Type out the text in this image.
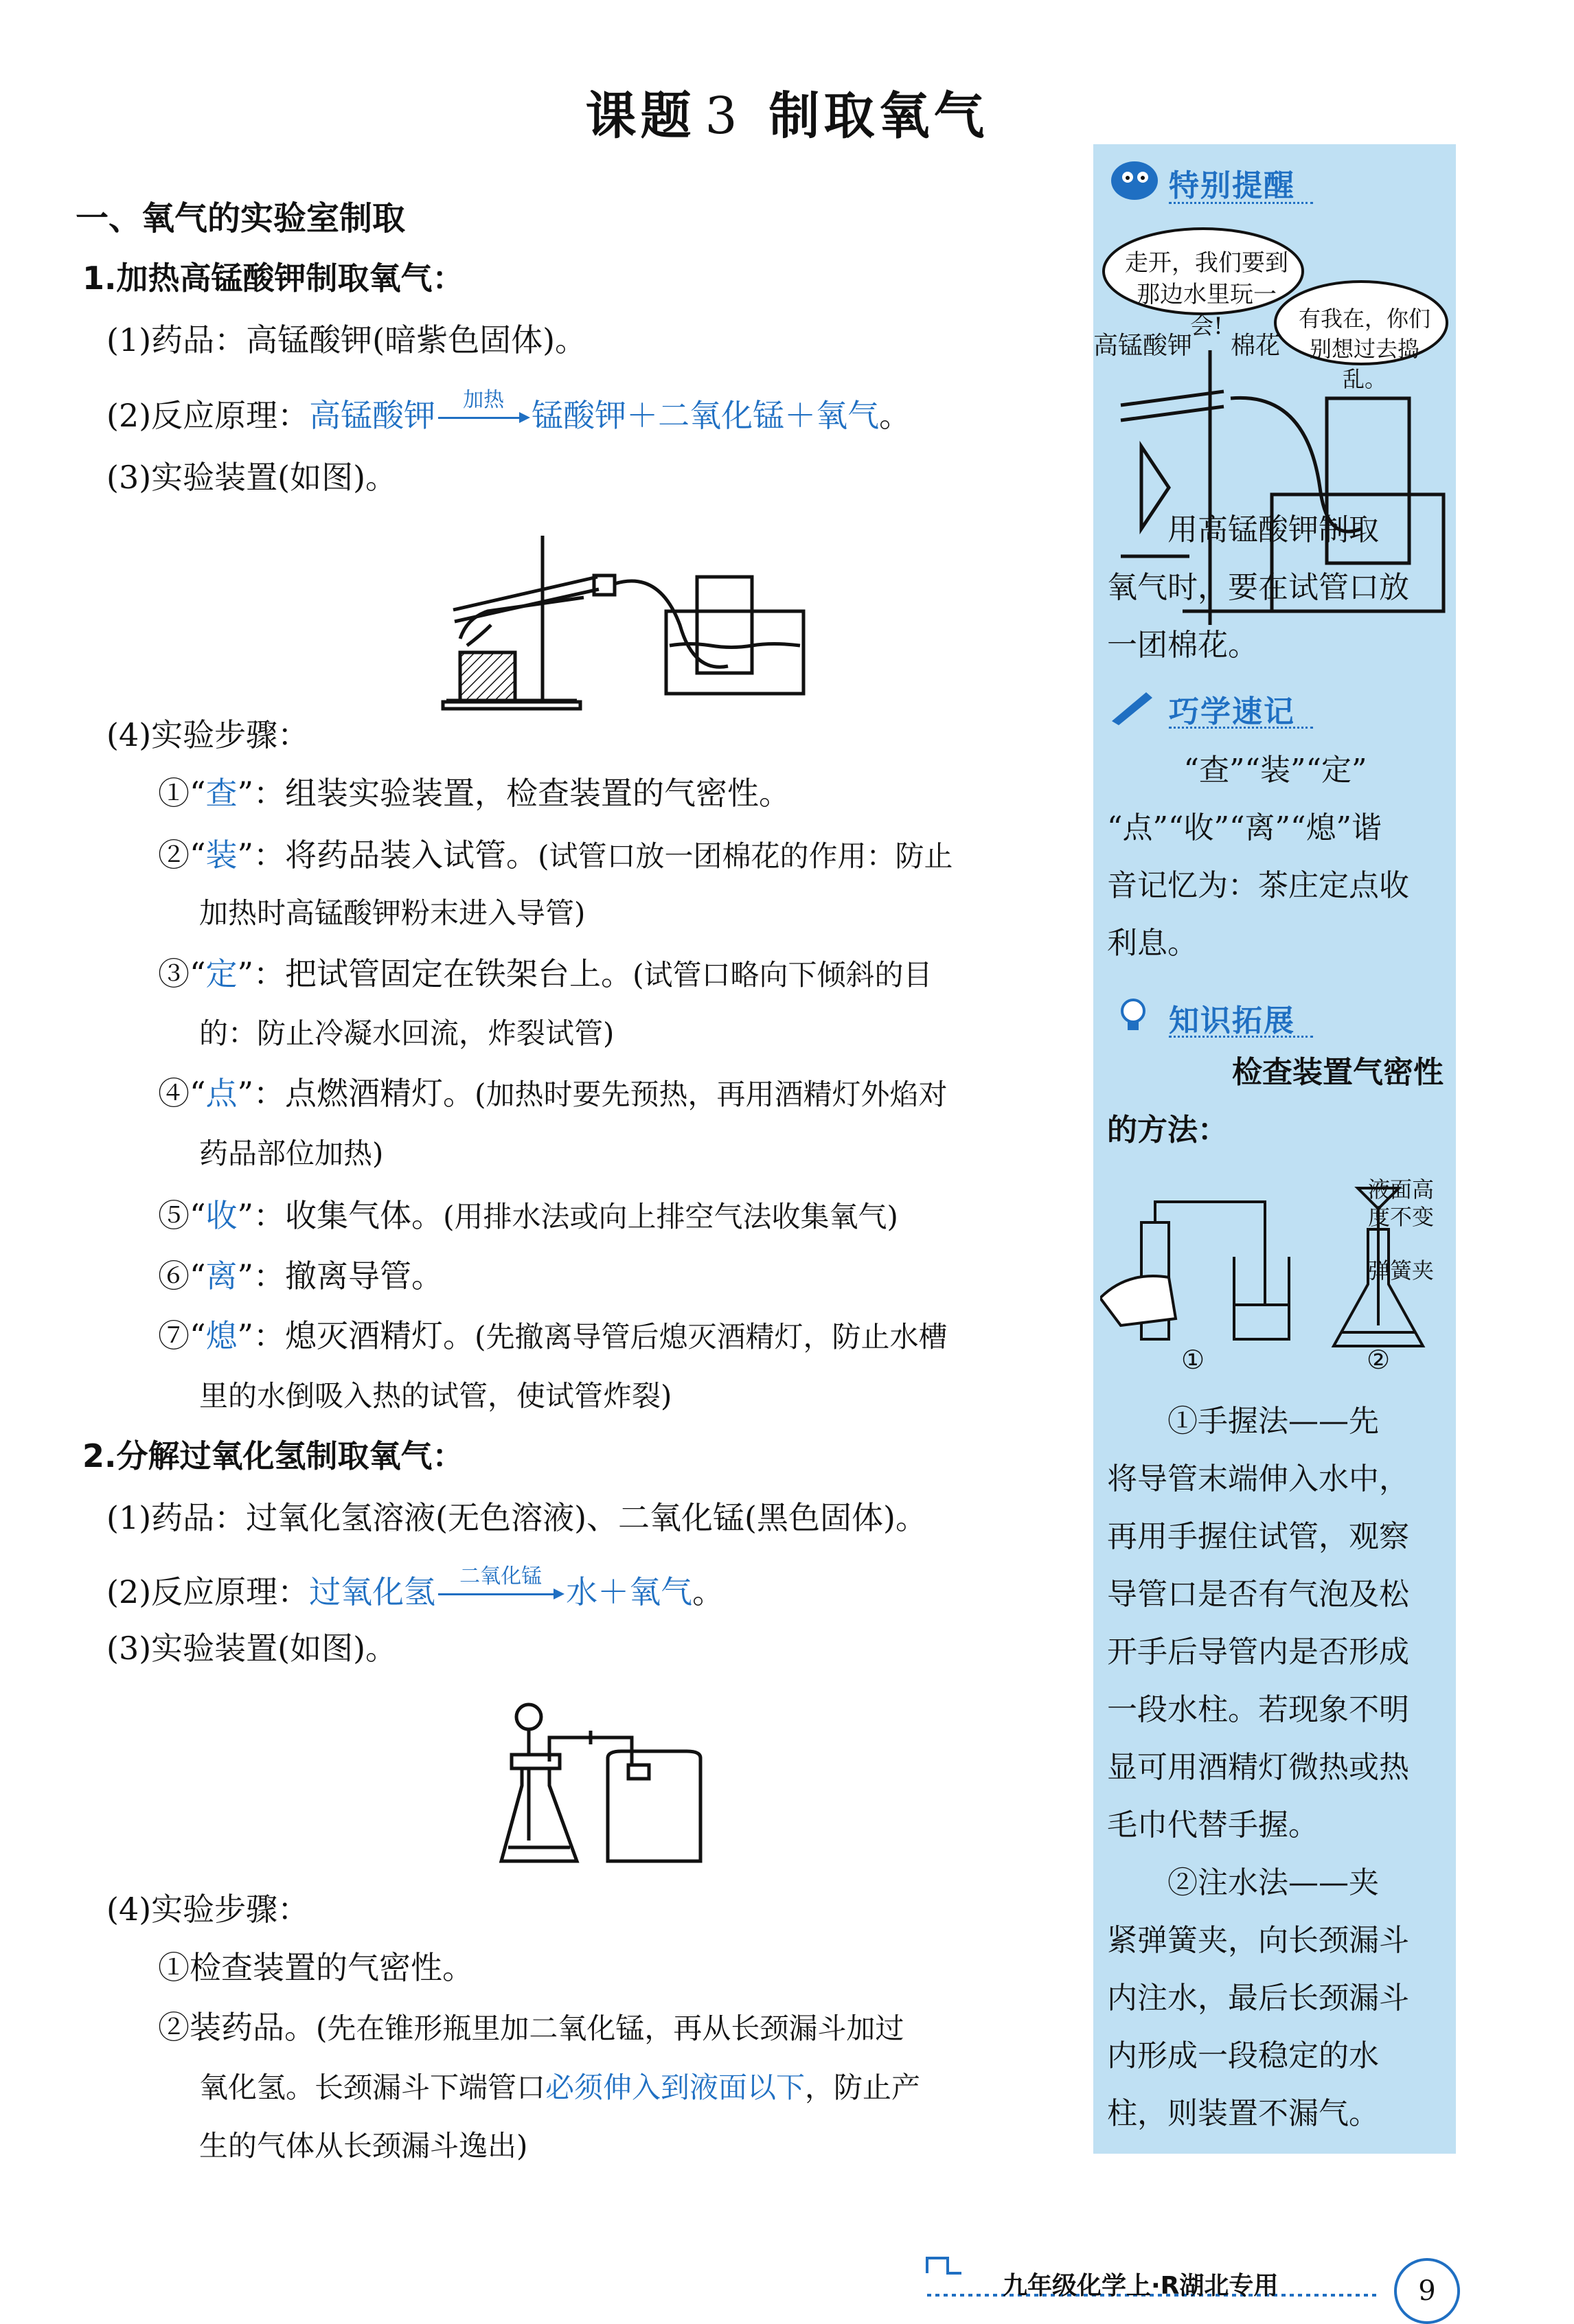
课题 3 制取氧气
一、氧气的实验室制取
1.加热高锰酸钾制取氧气：
(1)药品：高锰酸钾(暗紫色固体)。
(2)反应原理：高锰酸钾	加热 锰酸钾＋二氧化锰＋氧气。
(3)实验装置(如图)。
(4)实验步骤：
①“查”：组装实验装置，检查装置的气密性。
②“装”：将药品装入试管。(试管口放一团棉花的作用：防止
加热时高锰酸钾粉末进入导管)
③“定”：把试管固定在铁架台上。(试管口略向下倾斜的目
的：防止冷凝水回流，炸裂试管)
④“点”：点燃酒精灯。(加热时要先预热，再用酒精灯外焰对
药品部位加热)
⑤“收”：收集气体。(用排水法或向上排空气法收集氧气)
⑥“离”：撤离导管。
⑦“熄”：熄灭酒精灯。(先撤离导管后熄灭酒精灯，防止水槽
里的水倒吸入热的试管，使试管炸裂)
2.分解过氧化氢制取氧气：
(1)药品：过氧化氢溶液(无色溶液)、二氧化锰(黑色固体)。
(2)反应原理：过氧化氢	二氧化锰 水＋氧气。
(3)实验装置(如图)。
(4)实验步骤：
①检查装置的气密性。
②装药品。(先在锥形瓶里加二氧化锰，再从长颈漏斗加过
氧化氢。长颈漏斗下端管口必须伸入到液面以下，防止产
生的气体从长颈漏斗逸出)
特别提醒
走开，我们要到
那边水里玩一会!	有我在，你们
别想过去捣乱。
高锰酸钾 棉花
用高锰酸钾制取
氧气时，要在试管口放
一团棉花。
巧学速记
“查”“装”“定”
“点”“收”“离”“熄”谐
音记忆为：茶庄定点收
利息。
知识拓展
检查装置气密性
的方法：
液面高
度不变
弹簧夹
①	②
①手握法——先
将导管末端伸入水中，
再用手握住试管，观察
导管口是否有气泡及松
开手后导管内是否形成
一段水柱。若现象不明
显可用酒精灯微热或热
毛巾代替手握。
②注水法——夹
紧弹簧夹，向长颈漏斗
内注水，最后长颈漏斗
内形成一段稳定的水
柱，则装置不漏气。
九年级化学上·R湖北专用	9
